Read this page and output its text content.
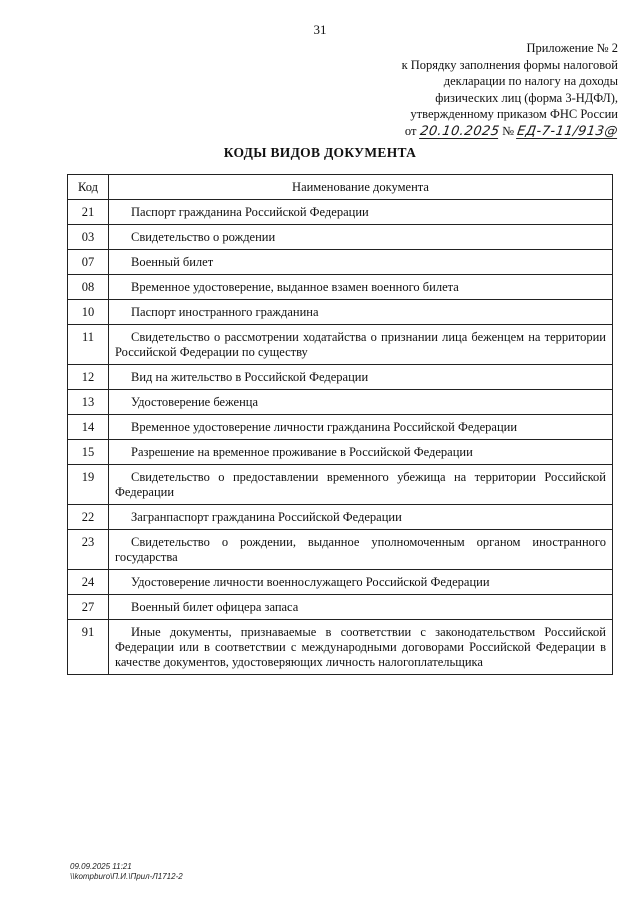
31
Приложение № 2
к Порядку заполнения формы налоговой
декларации по налогу на доходы
физических лиц (форма 3-НДФЛ),
утвержденному приказом ФНС России
от 20.10.2025 № ЕД-7-11/913@
КОДЫ ВИДОВ ДОКУМЕНТА
Код	Наименование документа
21	Паспорт гражданина Российской Федерации

03	Свидетельство о рождении

07	Военный билет

08	Временное удостоверение, выданное взамен военного билета

10	Паспорт иностранного гражданина

11	Свидетельство о рассмотрении ходатайства о признании лица беженцем на территории Российской Федерации по существу

12	Вид на жительство в Российской Федерации

13	Удостоверение беженца

14	Временное удостоверение личности гражданина Российской Федерации

15	Разрешение на временное проживание в Российской Федерации

19	Свидетельство о предоставлении временного убежища на территории Российской Федерации

22	Загранпаспорт гражданина Российской Федерации

23	Свидетельство о рождении, выданное уполномоченным органом иностранного государства

24	Удостоверение личности военнослужащего Российской Федерации

27	Военный билет офицера запаса

91	Иные документы, признаваемые в соответствии с законодательством Российской Федерации или в соответствии с международными договорами Российской Федерации в качестве документов, удостоверяющих личность налогоплательщика
09.09.2025 11:21
\\kompburo\П.И.\Прил-Л1712-2
